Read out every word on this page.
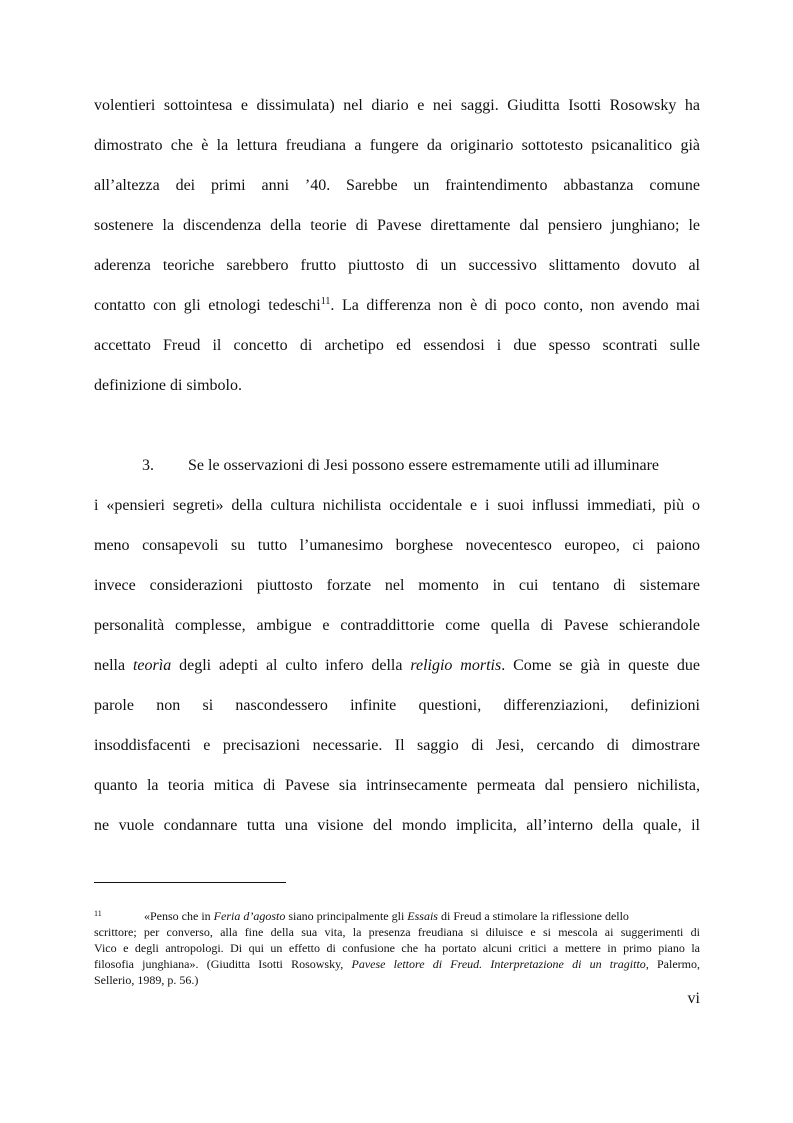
volentieri sottointesa e dissimulata) nel diario e nei saggi. Giuditta Isotti Rosowsky ha
dimostrato che è la lettura freudiana a fungere da originario sottotesto psicanalitico già
all’altezza dei primi anni ’40. Sarebbe un fraintendimento abbastanza comune
sostenere la discendenza della teorie di Pavese direttamente dal pensiero junghiano; le
aderenza teoriche sarebbero frutto piuttosto di un successivo slittamento dovuto al
contatto con gli etnologi tedeschi$^{11}$. La differenza non è di poco conto, non avendo mai
accettato Freud il concetto di archetipo ed essendosi i due spesso scontrati sulle
definizione di simbolo.
3. Se le osservazioni di Jesi possono essere estremamente utili ad illuminare
i «pensieri segreti» della cultura nichilista occidentale e i suoi influssi immediati, più o
meno consapevoli su tutto l’umanesimo borghese novecentesco europeo, ci paiono
invece considerazioni piuttosto forzate nel momento in cui tentano di sistemare
personalità complesse, ambigue e contraddittorie come quella di Pavese schierandole
nella teorìa degli adepti al culto infero della religio mortis. Come se già in queste due
parole non si nascondessero infinite questioni, differenziazioni, definizioni
insoddisfacenti e precisazioni necessarie. Il saggio di Jesi, cercando di dimostrare
quanto la teoria mitica di Pavese sia intrinsecamente permeata dal pensiero nichilista,
ne vuole condannare tutta una visione del mondo implicita, all’interno della quale, il
11	«Penso che in Feria d’agosto siano principalmente gli Essais di Freud a stimolare la riflessione dello
scrittore; per converso, alla fine della sua vita, la presenza freudiana si diluisce e si mescola ai suggerimenti di
Vico e degli antropologi. Di qui un effetto di confusione che ha portato alcuni critici a mettere in primo piano la
filosofia junghiana». (Giuditta Isotti Rosowsky, Pavese lettore di Freud. Interpretazione di un tragitto, Palermo,
Sellerio, 1989, p. 56.)
vi
